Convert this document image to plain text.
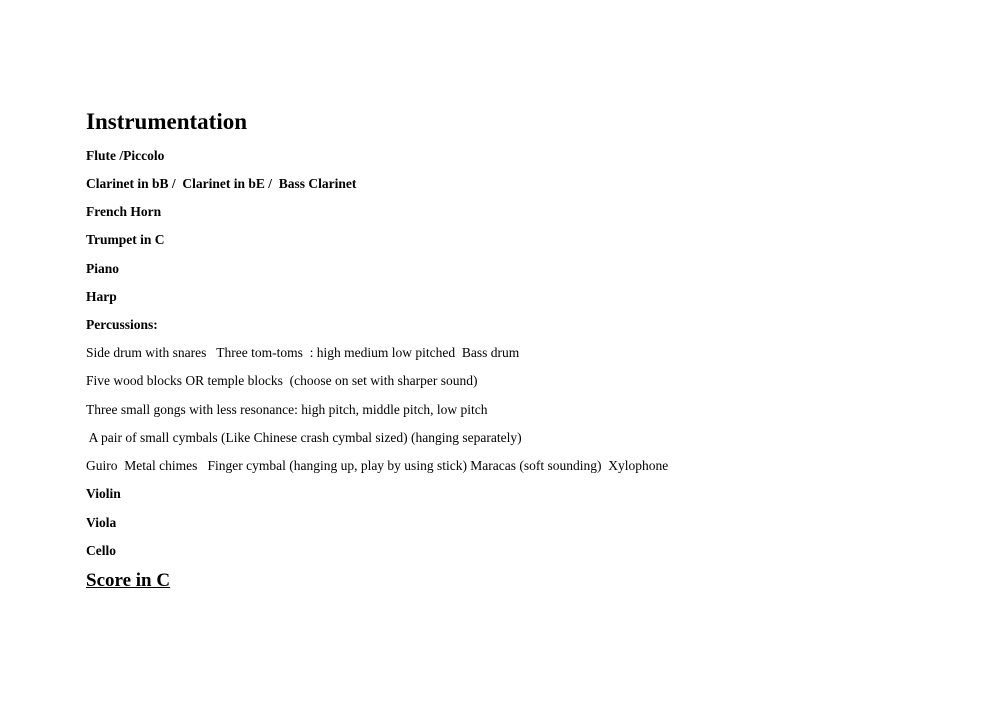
Instrumentation

Flute /Piccolo

Clarinet in bB /  Clarinet in bE /  Bass Clarinet

French Horn

Trumpet in C

Piano

Harp

Percussions:

Side drum with snares   Three tom-toms  : high medium low pitched  Bass drum

Five wood blocks OR temple blocks  (choose on set with sharper sound)

Three small gongs with less resonance: high pitch, middle pitch, low pitch

A pair of small cymbals (Like Chinese crash cymbal sized) (hanging separately)

Guiro  Metal chimes   Finger cymbal (hanging up, play by using stick) Maracas (soft sounding)  Xylophone

Violin

Viola

Cello

Score in C
